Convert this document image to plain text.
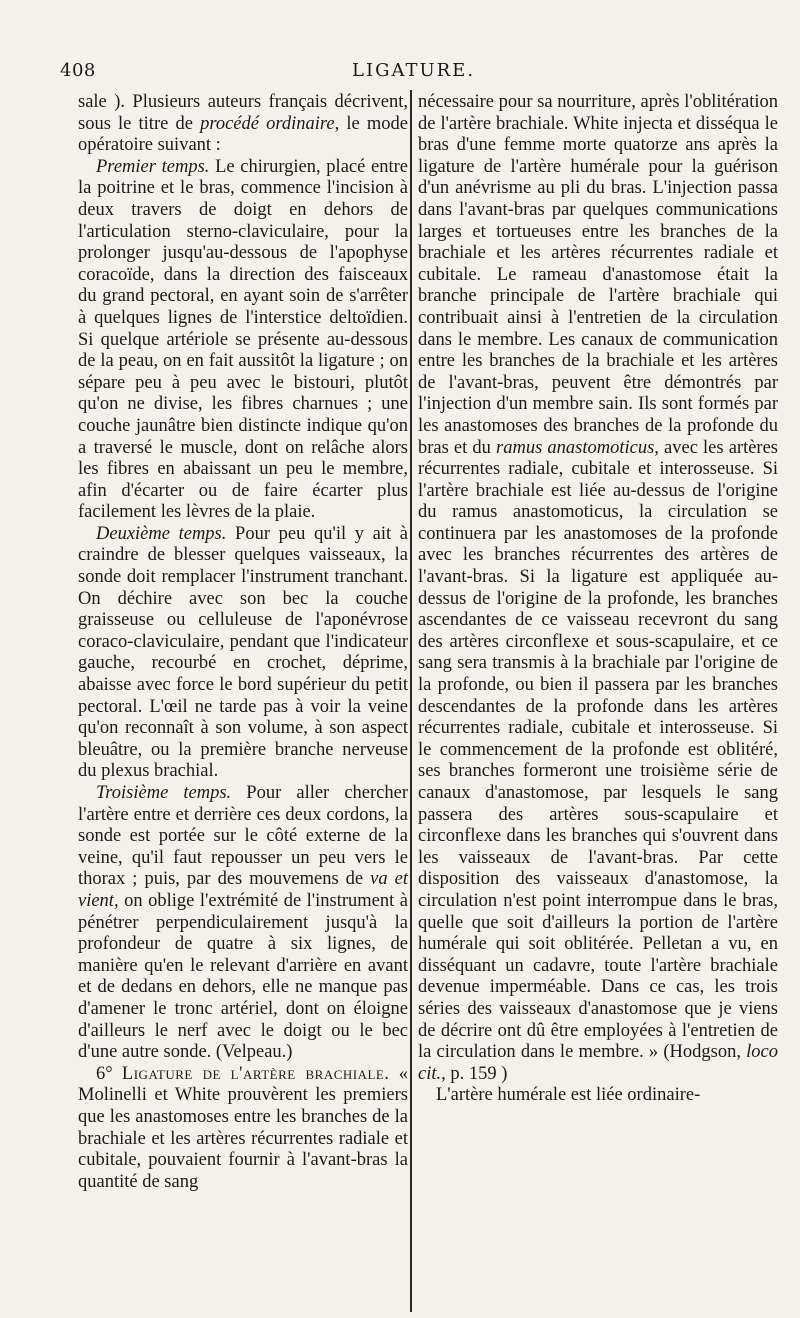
408	LIGATURE.

sale ). Plusieurs auteurs français décrivent, sous le titre de procédé ordinaire, le mode opératoire suivant :

Premier temps. Le chirurgien, placé entre la poitrine et le bras, commence l'incision à deux travers de doigt en dehors de l'articulation sterno-claviculaire, pour la prolonger jusqu'au-dessous de l'apophyse coracoïde, dans la direction des faisceaux du grand pectoral, en ayant soin de s'arrêter à quelques lignes de l'interstice deltoïdien. Si quelque artériole se présente au-dessous de la peau, on en fait aussitôt la ligature ; on sépare peu à peu avec le bistouri, plutôt qu'on ne divise, les fibres charnues ; une couche jaunâtre bien distincte indique qu'on a traversé le muscle, dont on relâche alors les fibres en abaissant un peu le membre, afin d'écarter ou de faire écarter plus facilement les lèvres de la plaie.

Deuxième temps. Pour peu qu'il y ait à craindre de blesser quelques vaisseaux, la sonde doit remplacer l'instrument tranchant. On déchire avec son bec la couche graisseuse ou celluleuse de l'aponévrose coraco-claviculaire, pendant que l'indicateur gauche, recourbé en crochet, déprime, abaisse avec force le bord supérieur du petit pectoral. L'œil ne tarde pas à voir la veine qu'on reconnaît à son volume, à son aspect bleuâtre, ou la première branche nerveuse du plexus brachial.

Troisième temps. Pour aller chercher l'artère entre et derrière ces deux cordons, la sonde est portée sur le côté externe de la veine, qu'il faut repousser un peu vers le thorax ; puis, par des mouvemens de va et vient, on oblige l'extrémité de l'instrument à pénétrer perpendiculairement jusqu'à la profondeur de quatre à six lignes, de manière qu'en le relevant d'arrière en avant et de dedans en dehors, elle ne manque pas d'amener le tronc artériel, dont on éloigne d'ailleurs le nerf avec le doigt ou le bec d'une autre sonde. (Velpeau.)

6° Ligature de l'artère brachiale. « Molinelli et White prouvèrent les premiers que les anastomoses entre les branches de la brachiale et les artères récurrentes radiale et cubitale, pouvaient fournir à l'avant-bras la quantité de sang

nécessaire pour sa nourriture, après l'oblitération de l'artère brachiale. White injecta et disséqua le bras d'une femme morte quatorze ans après la ligature de l'artère humérale pour la guérison d'un anévrisme au pli du bras. L'injection passa dans l'avant-bras par quelques communications larges et tortueuses entre les branches de la brachiale et les artères récurrentes radiale et cubitale. Le rameau d'anastomose était la branche principale de l'artère brachiale qui contribuait ainsi à l'entretien de la circulation dans le membre. Les canaux de communication entre les branches de la brachiale et les artères de l'avant-bras, peuvent être démontrés par l'injection d'un membre sain. Ils sont formés par les anastomoses des branches de la profonde du bras et du ramus anastomoticus, avec les artères récurrentes radiale, cubitale et interosseuse. Si l'artère brachiale est liée au-dessus de l'origine du ramus anastomoticus, la circulation se continuera par les anastomoses de la profonde avec les branches récurrentes des artères de l'avant-bras. Si la ligature est appliquée au-dessus de l'origine de la profonde, les branches ascendantes de ce vaisseau recevront du sang des artères circonflexe et sous-scapulaire, et ce sang sera transmis à la brachiale par l'origine de la profonde, ou bien il passera par les branches descendantes de la profonde dans les artères récurrentes radiale, cubitale et interosseuse. Si le commencement de la profonde est oblitéré, ses branches formeront une troisième série de canaux d'anastomose, par lesquels le sang passera des artères sous-scapulaire et circonflexe dans les branches qui s'ouvrent dans les vaisseaux de l'avant-bras. Par cette disposition des vaisseaux d'anastomose, la circulation n'est point interrompue dans le bras, quelle que soit d'ailleurs la portion de l'artère humérale qui soit oblitérée. Pelletan a vu, en disséquant un cadavre, toute l'artère brachiale devenue imperméable. Dans ce cas, les trois séries des vaisseaux d'anastomose que je viens de décrire ont dû être employées à l'entretien de la circulation dans le membre. » (Hodgson, loco cit., p. 159 )

L'artère humérale est liée ordinaire-
